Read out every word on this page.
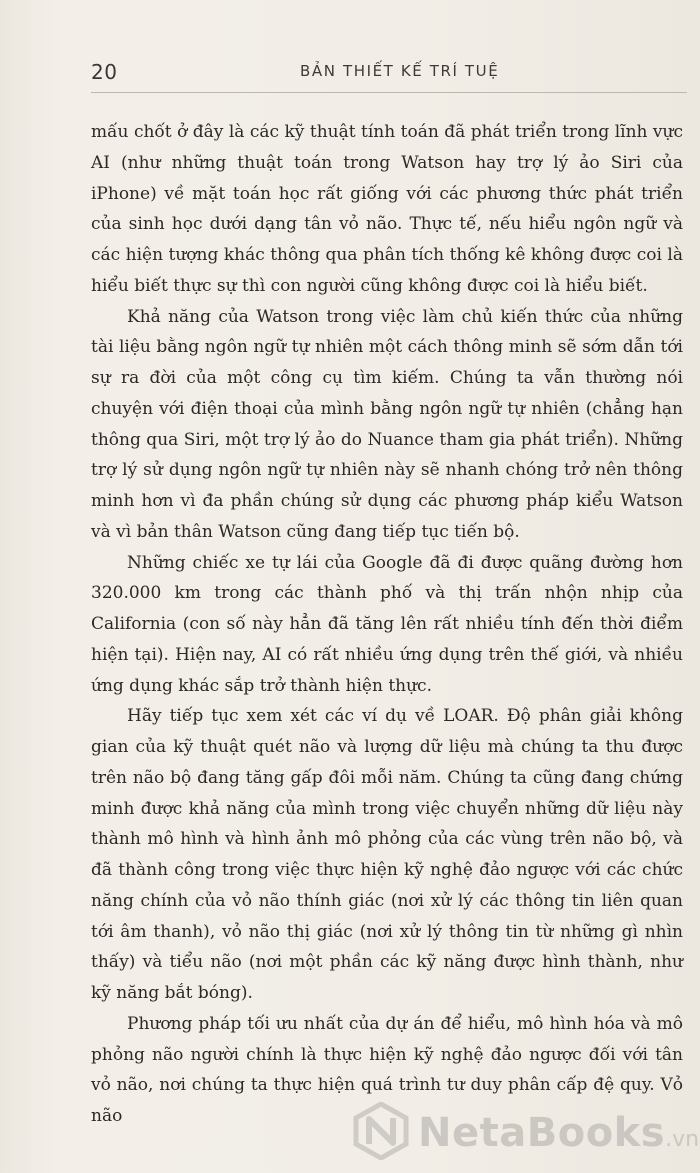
20	BẢN THIẾT KẾ TRÍ TUỆ

mấu chốt ở đây là các kỹ thuật tính toán đã phát triển trong lĩnh vực AI (như những thuật toán trong Watson hay trợ lý ảo Siri của iPhone) về mặt toán học rất giống với các phương thức phát triển của sinh học dưới dạng tân vỏ não. Thực tế, nếu hiểu ngôn ngữ và các hiện tượng khác thông qua phân tích thống kê không được coi là hiểu biết thực sự thì con người cũng không được coi là hiểu biết.

Khả năng của Watson trong việc làm chủ kiến thức của những tài liệu bằng ngôn ngữ tự nhiên một cách thông minh sẽ sớm dẫn tới sự ra đời của một công cụ tìm kiếm. Chúng ta vẫn thường nói chuyện với điện thoại của mình bằng ngôn ngữ tự nhiên (chẳng hạn thông qua Siri, một trợ lý ảo do Nuance tham gia phát triển). Những trợ lý sử dụng ngôn ngữ tự nhiên này sẽ nhanh chóng trở nên thông minh hơn vì đa phần chúng sử dụng các phương pháp kiểu Watson và vì bản thân Watson cũng đang tiếp tục tiến bộ.

Những chiếc xe tự lái của Google đã đi được quãng đường hơn 320.000 km trong các thành phố và thị trấn nhộn nhịp của California (con số này hẳn đã tăng lên rất nhiều tính đến thời điểm hiện tại). Hiện nay, AI có rất nhiều ứng dụng trên thế giới, và nhiều ứng dụng khác sắp trở thành hiện thực.

Hãy tiếp tục xem xét các ví dụ về LOAR. Độ phân giải không gian của kỹ thuật quét não và lượng dữ liệu mà chúng ta thu được trên não bộ đang tăng gấp đôi mỗi năm. Chúng ta cũng đang chứng minh được khả năng của mình trong việc chuyển những dữ liệu này thành mô hình và hình ảnh mô phỏng của các vùng trên não bộ, và đã thành công trong việc thực hiện kỹ nghệ đảo ngược với các chức năng chính của vỏ não thính giác (nơi xử lý các thông tin liên quan tới âm thanh), vỏ não thị giác (nơi xử lý thông tin từ những gì nhìn thấy) và tiểu não (nơi một phần các kỹ năng được hình thành, như kỹ năng bắt bóng).

Phương pháp tối ưu nhất của dự án để hiểu, mô hình hóa và mô phỏng não người chính là thực hiện kỹ nghệ đảo ngược đối với tân vỏ não, nơi chúng ta thực hiện quá trình tư duy phân cấp đệ quy. Vỏ não	NetaBooks.vn
